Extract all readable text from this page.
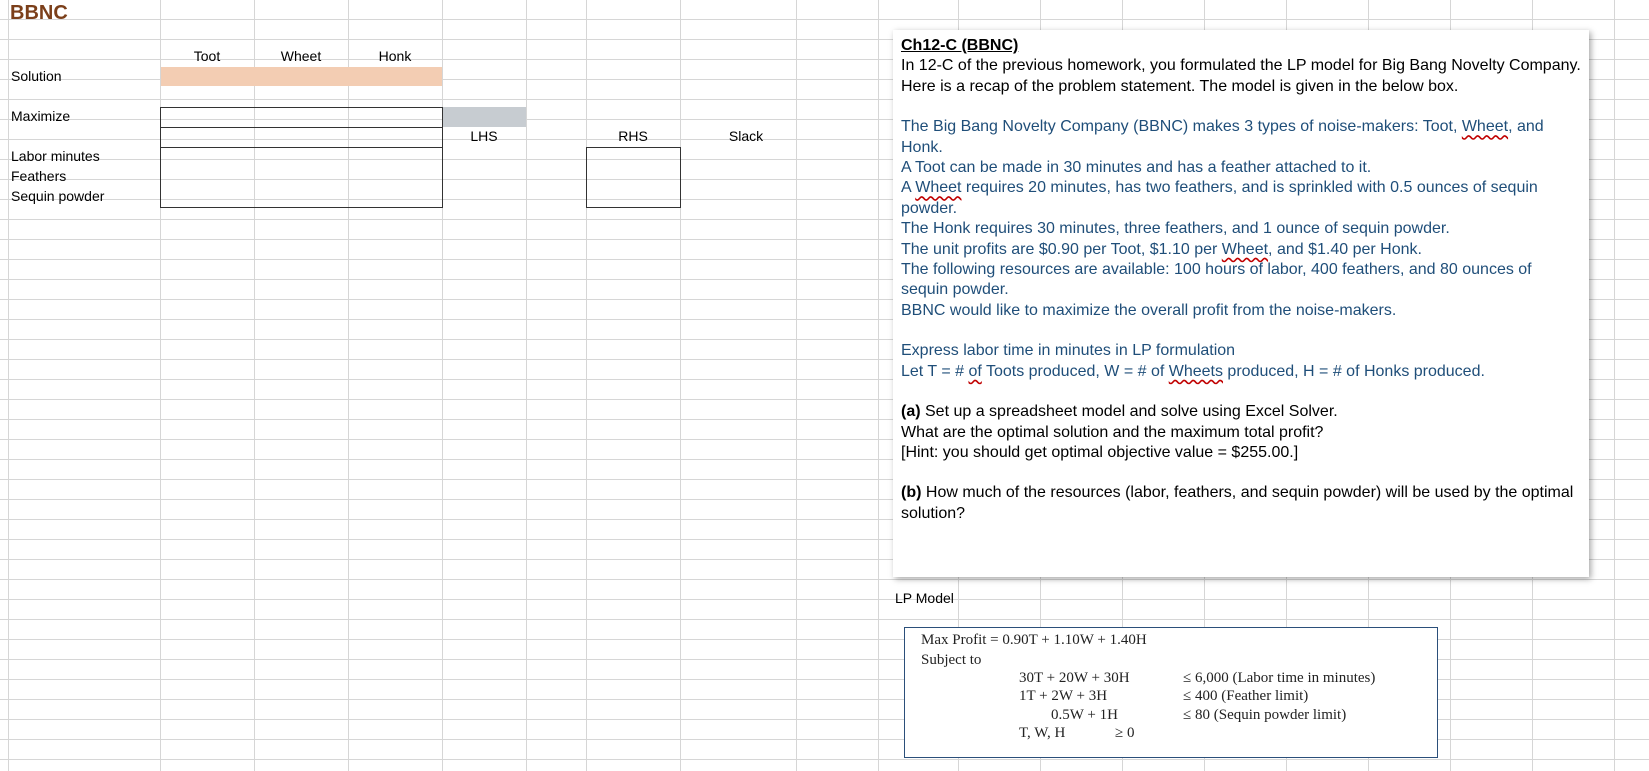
BBNC
Toot	Wheet	Honk
Solution
Maximize
Labor minutes
Feathers
Sequin powder
LHS	RHS	Slack

Ch12-C (BBNC)

In 12-C of the previous homework, you formulated the LP model for Big Bang Novelty Company. Here is a recap of the problem statement. The model is given in the below box.

The Big Bang Novelty Company (BBNC) makes 3 types of noise-makers: Toot, Wheet, and Honk.

A Toot can be made in 30 minutes and has a feather attached to it.

A Wheet requires 20 minutes, has two feathers, and is sprinkled with 0.5 ounces of sequin powder.

The Honk requires 30 minutes, three feathers, and 1 ounce of sequin powder.

The unit profits are $0.90 per Toot, $1.10 per Wheet, and $1.40 per Honk.

The following resources are available: 100 hours of labor, 400 feathers, and 80 ounces of sequin powder.

BBNC would like to maximize the overall profit from the noise-makers.

Express labor time in minutes in LP formulation

Let T = # of Toots produced, W = # of Wheets produced, H = # of Honks produced.

(a) Set up a spreadsheet model and solve using Excel Solver.

What are the optimal solution and the maximum total profit?

[Hint: you should get optimal objective value = $255.00.]

(b) How much of the resources (labor, feathers, and sequin powder) will be used by the optimal solution?

LP Model
Max Profit = 0.90T + 1.10W + 1.40H
Subject to
30T + 20W + 30H	≤ 6,000 (Labor time in minutes)
1T + 2W + 3H	≤ 400 (Feather limit)
0.5W + 1H	≤ 80 (Sequin powder limit)
T, W, H	≥ 0
